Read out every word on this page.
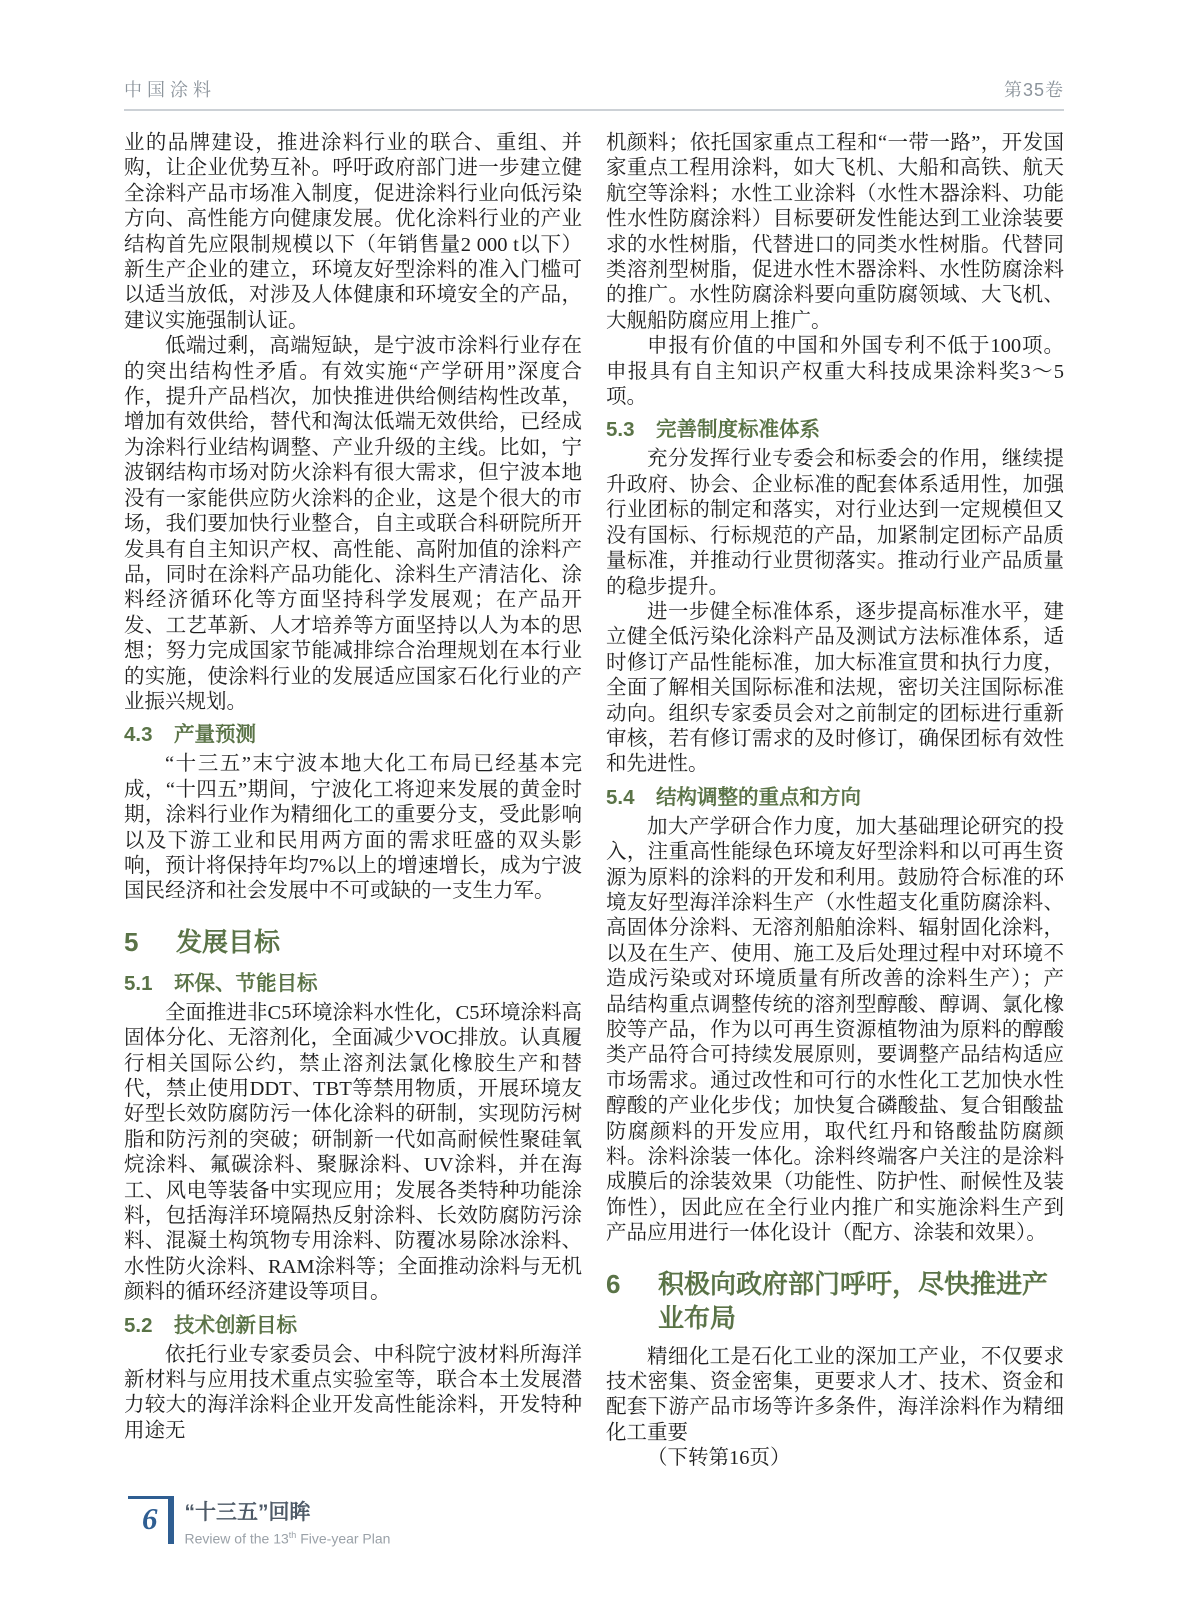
中国涂料	第35卷

业的品牌建设，推进涂料行业的联合、重组、并购，让企业优势互补。呼吁政府部门进一步建立健全涂料产品市场准入制度，促进涂料行业向低污染方向、高性能方向健康发展。优化涂料行业的产业结构首先应限制规模以下（年销售量2 000 t以下）新生产企业的建立，环境友好型涂料的准入门槛可以适当放低，对涉及人体健康和环境安全的产品，建议实施强制认证。

低端过剩，高端短缺，是宁波市涂料行业存在的突出结构性矛盾。有效实施“产学研用”深度合作，提升产品档次，加快推进供给侧结构性改革，增加有效供给，替代和淘汰低端无效供给，已经成为涂料行业结构调整、产业升级的主线。比如，宁波钢结构市场对防火涂料有很大需求，但宁波本地没有一家能供应防火涂料的企业，这是个很大的市场，我们要加快行业整合，自主或联合科研院所开发具有自主知识产权、高性能、高附加值的涂料产品，同时在涂料产品功能化、涂料生产清洁化、涂料经济循环化等方面坚持科学发展观；在产品开发、工艺革新、人才培养等方面坚持以人为本的思想；努力完成国家节能减排综合治理规划在本行业的实施，使涂料行业的发展适应国家石化行业的产业振兴规划。

4.3	产量预测

“十三五”末宁波本地大化工布局已经基本完成，“十四五”期间，宁波化工将迎来发展的黄金时期，涂料行业作为精细化工的重要分支，受此影响以及下游工业和民用两方面的需求旺盛的双头影响，预计将保持年均7%以上的增速增长，成为宁波国民经济和社会发展中不可或缺的一支生力军。

5	发展目标
5.1	环保、节能目标

全面推进非C5环境涂料水性化，C5环境涂料高固体分化、无溶剂化，全面减少VOC排放。认真履行相关国际公约，禁止溶剂法氯化橡胶生产和替代，禁止使用DDT、TBT等禁用物质，开展环境友好型长效防腐防污一体化涂料的研制，实现防污树脂和防污剂的突破；研制新一代如高耐候性聚硅氧烷涂料、氟碳涂料、聚脲涂料、UV涂料，并在海工、风电等装备中实现应用；发展各类特种功能涂料，包括海洋环境隔热反射涂料、长效防腐防污涂料、混凝土构筑物专用涂料、防覆冰易除冰涂料、水性防火涂料、RAM涂料等；全面推动涂料与无机颜料的循环经济建设等项目。

5.2	技术创新目标

依托行业专家委员会、中科院宁波材料所海洋新材料与应用技术重点实验室等，联合本土发展潜力较大的海洋涂料企业开发高性能涂料，开发特种用途无

机颜料；依托国家重点工程和“一带一路”，开发国家重点工程用涂料，如大飞机、大船和高铁、航天航空等涂料；水性工业涂料（水性木器涂料、功能性水性防腐涂料）目标要研发性能达到工业涂装要求的水性树脂，代替进口的同类水性树脂。代替同类溶剂型树脂，促进水性木器涂料、水性防腐涂料的推广。水性防腐涂料要向重防腐领域、大飞机、大舰船防腐应用上推广。

申报有价值的中国和外国专利不低于100项。申报具有自主知识产权重大科技成果涂料奖3～5项。

5.3	完善制度标准体系

充分发挥行业专委会和标委会的作用，继续提升政府、协会、企业标准的配套体系适用性，加强行业团标的制定和落实，对行业达到一定规模但又没有国标、行标规范的产品，加紧制定团标产品质量标准，并推动行业贯彻落实。推动行业产品质量的稳步提升。

进一步健全标准体系，逐步提高标准水平，建立健全低污染化涂料产品及测试方法标准体系，适时修订产品性能标准，加大标准宣贯和执行力度，全面了解相关国际标准和法规，密切关注国际标准动向。组织专家委员会对之前制定的团标进行重新审核，若有修订需求的及时修订，确保团标有效性和先进性。

5.4	结构调整的重点和方向

加大产学研合作力度，加大基础理论研究的投入，注重高性能绿色环境友好型涂料和以可再生资源为原料的涂料的开发和利用。鼓励符合标准的环境友好型海洋涂料生产（水性超支化重防腐涂料、高固体分涂料、无溶剂船舶涂料、辐射固化涂料，以及在生产、使用、施工及后处理过程中对环境不造成污染或对环境质量有所改善的涂料生产）；产品结构重点调整传统的溶剂型醇酸、醇调、氯化橡胶等产品，作为以可再生资源植物油为原料的醇酸类产品符合可持续发展原则，要调整产品结构适应市场需求。通过改性和可行的水性化工艺加快水性醇酸的产业化步伐；加快复合磷酸盐、复合钼酸盐防腐颜料的开发应用，取代红丹和铬酸盐防腐颜料。涂料涂装一体化。涂料终端客户关注的是涂料成膜后的涂装效果（功能性、防护性、耐候性及装饰性），因此应在全行业内推广和实施涂料生产到产品应用进行一体化设计（配方、涂装和效果）。

6	积极向政府部门呼吁，尽快推进产业布局

精细化工是石化工业的深加工产业，不仅要求技术密集、资金密集，更要求人才、技术、资金和配套下游产品市场等许多条件，海洋涂料作为精细化工重要

（下转第16页）

6	“十三五”回眸
Review of the 13th Five-year Plan
